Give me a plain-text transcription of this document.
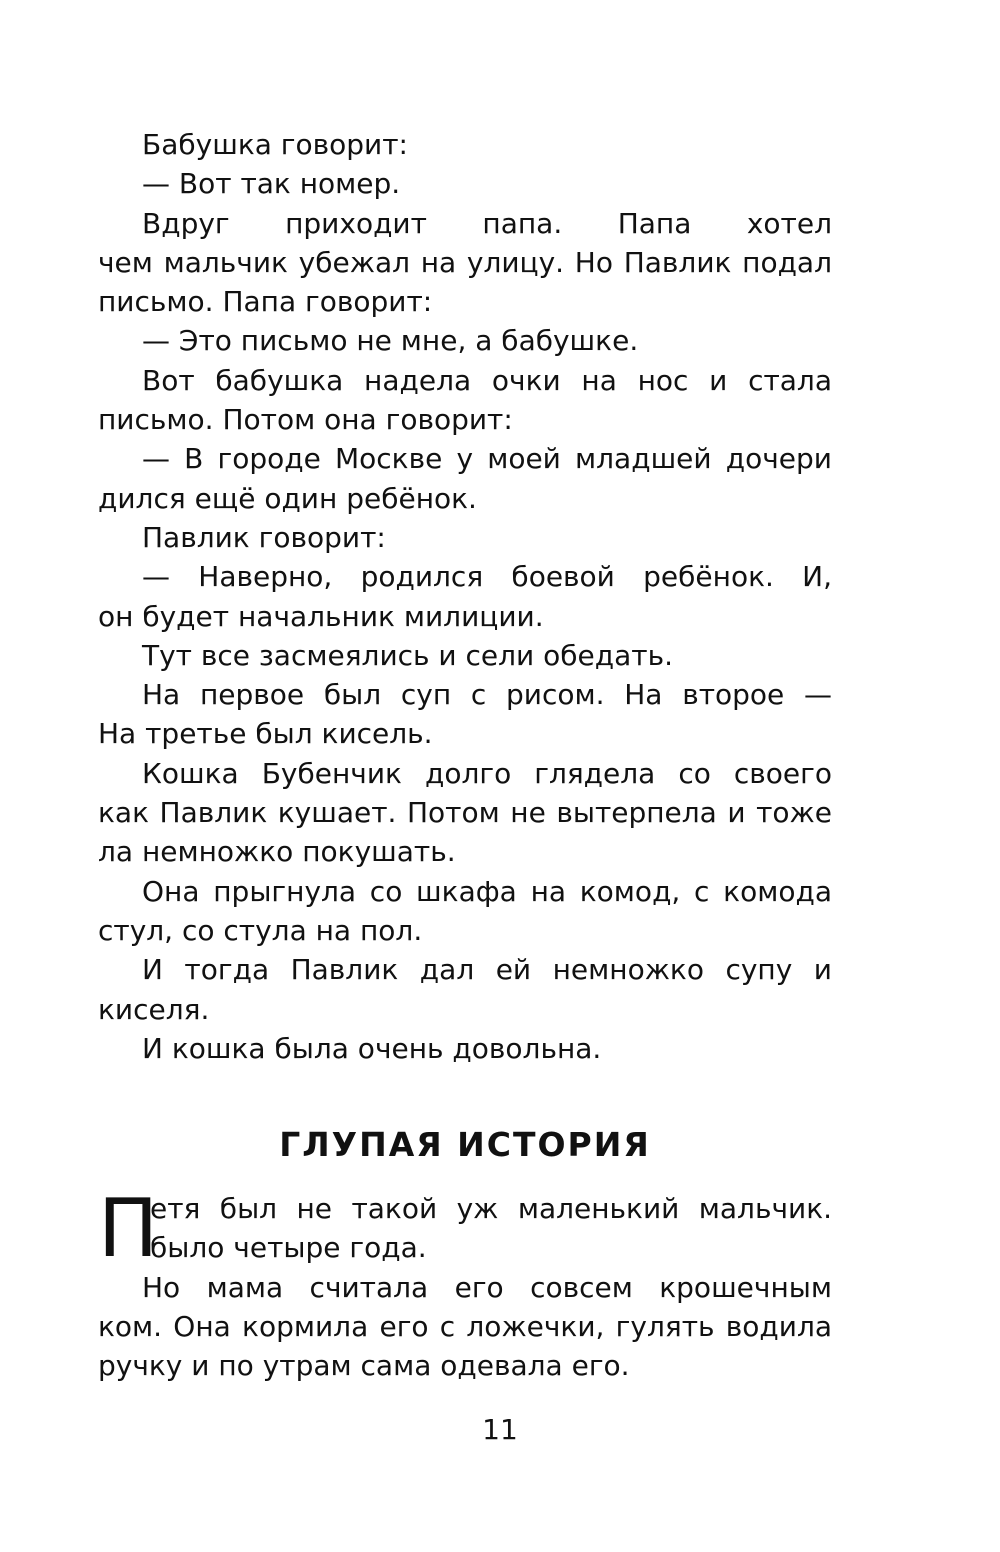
Бабушка говорит:
— Вот так номер.
Вдруг приходит папа. Папа хотел
чем мальчик убежал на улицу. Но Павлик подал
письмо. Папа говорит:
— Это письмо не мне, а бабушке.
Вот бабушка надела очки на нос и стала
письмо. Потом она говорит:
— В городе Москве у моей младшей дочери
дился ещё один ребёнок.
Павлик говорит:
— Наверно, родился боевой ребёнок. И,
он будет начальник милиции.
Тут все засмеялись и сели обедать.
На первое был суп с рисом. На второе —
На третье был кисель.
Кошка Бубенчик долго глядела со своего
как Павлик кушает. Потом не вытерпела и тоже
ла немножко покушать.
Она прыгнула со шкафа на комод, с комода
стул, со стула на пол.
И тогда Павлик дал ей немножко супу и
киселя.
И кошка была очень довольна.
ГЛУПАЯ ИСТОРИЯ
П
етя был не такой уж маленький мальчик.
было четыре года.
Но мама считала его совсем крошечным
ком. Она кормила его с ложечки, гулять водила
ручку и по утрам сама одевала его.
11
